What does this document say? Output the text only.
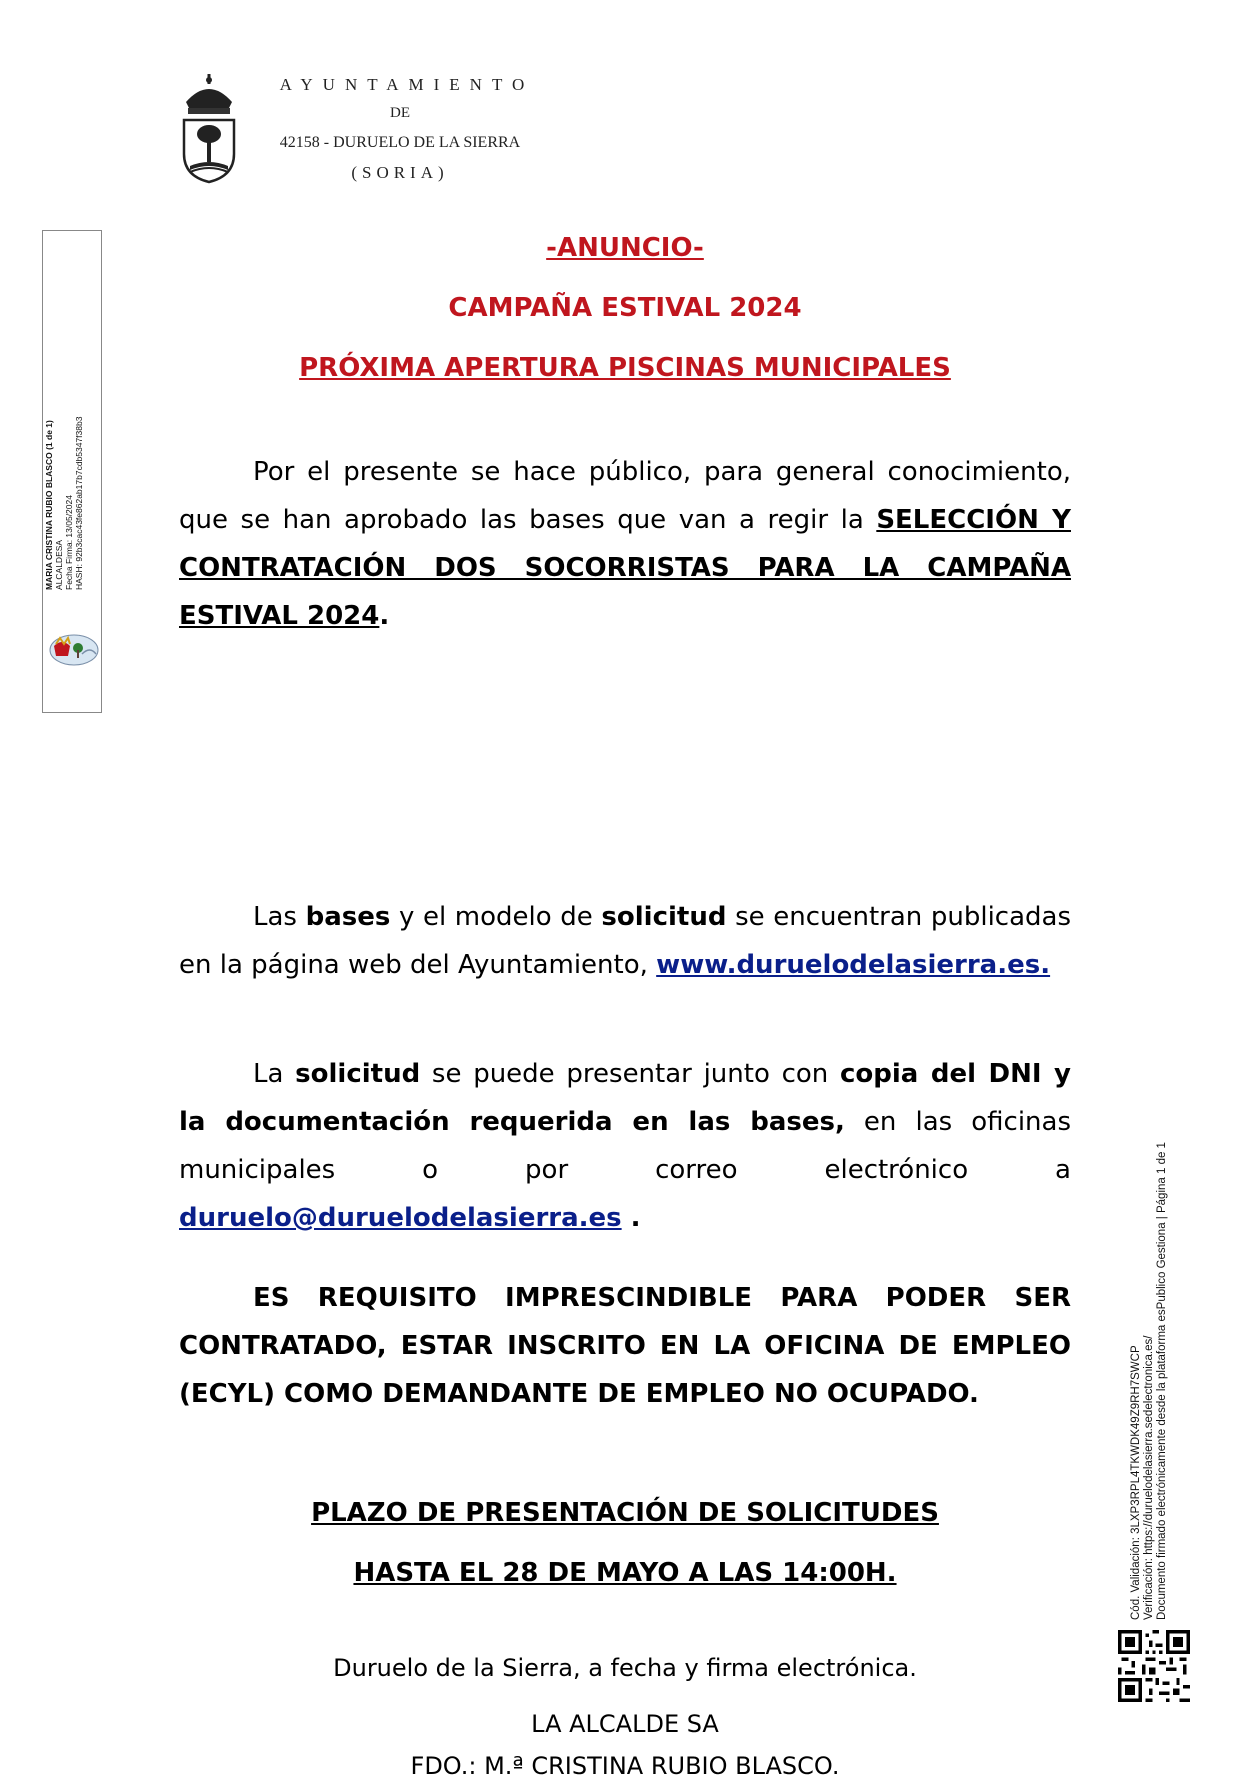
AYUNTAMIENTO
DE
42158 - DURUELO DE LA SIERRA
(SORIA)
MARIA CRISTINA RUBIO BLASCO (1 de 1) ALCALDESA Fecha Firma: 13/05/2024 HASH: 92b3cac43fe862ab17b7cdb5347f38b3
Cód. Validación: 3LXP3RPL4TKWDK49Z9RH7SWCP Verificación: https://duruelodelasierra.sedelectronica.es/ Documento firmado electrónicamente desde la plataforma esPublico Gestiona | Página 1 de 1
-ANUNCIO-
CAMPAÑA ESTIVAL 2024
PRÓXIMA APERTURA PISCINAS MUNICIPALES
Por el presente se hace público, para general conocimiento, que se han aprobado las bases que van a regir la SELECCIÓN Y CONTRATACIÓN DOS SOCORRISTAS PARA LA CAMPAÑA ESTIVAL 2024.
Las bases y el modelo de solicitud se encuentran publicadas en la página web del Ayuntamiento, www.duruelodelasierra.es.
La solicitud se puede presentar junto con copia del DNI y la documentación requerida en las bases, en las oficinas municipales o por correo electrónico a duruelo@duruelodelasierra.es .
ES REQUISITO IMPRESCINDIBLE PARA PODER SER CONTRATADO, ESTAR INSCRITO EN LA OFICINA DE EMPLEO (ECYL) COMO DEMANDANTE DE EMPLEO NO OCUPADO.
PLAZO DE PRESENTACIÓN DE SOLICITUDES
HASTA EL 28 DE MAYO A LAS 14:00H.
Duruelo de la Sierra, a fecha y firma electrónica.
LA ALCALDE SA
FDO.: M.ª CRISTINA RUBIO BLASCO.
